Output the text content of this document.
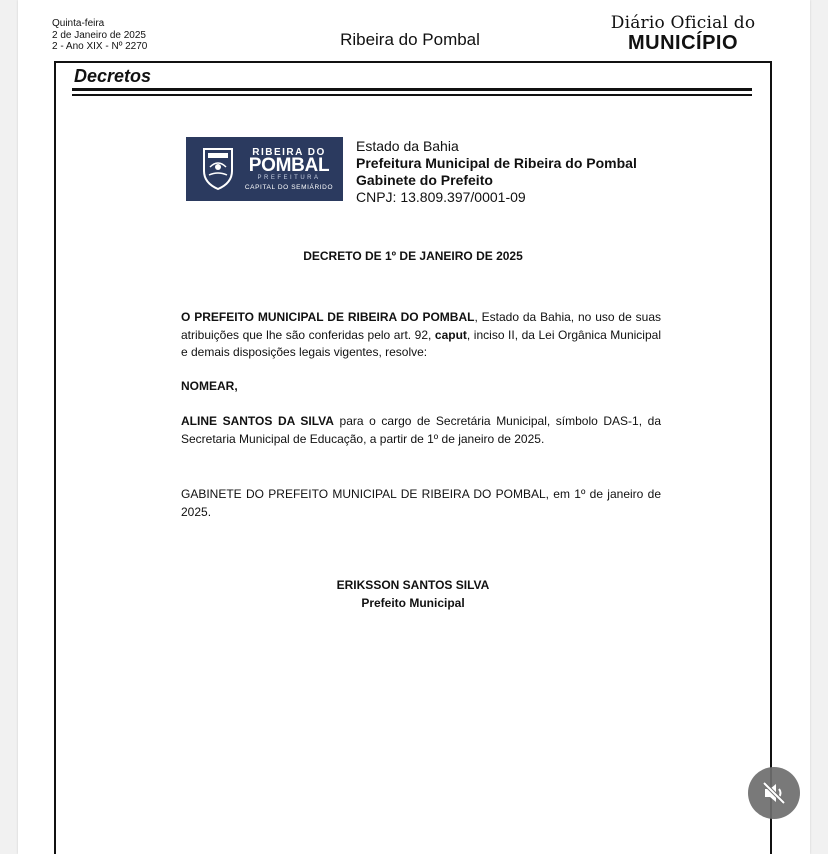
Quinta-feira
2 de Janeiro de 2025
2 - Ano XIX - Nº 2270	Ribeira do Pombal
Diário Oficial do
MUNICÍPIO
Decretos
RIBEIRA DO
POMBAL
PREFEITURA
CAPITAL DO SEMIÁRIDO
Estado da Bahia
Prefeitura Municipal de Ribeira do Pombal
Gabinete do Prefeito
CNPJ: 13.809.397/0001-09
DECRETO DE 1º DE JANEIRO DE 2025
O PREFEITO MUNICIPAL DE RIBEIRA DO POMBAL, Estado da Bahia, no uso de suas atribuições que lhe são conferidas pelo art. 92, caput, inciso II, da Lei Orgânica Municipal e demais disposições legais vigentes, resolve:
NOMEAR,
ALINE SANTOS DA SILVA para o cargo de Secretária Municipal, símbolo DAS-1, da Secretaria Municipal de Educação, a partir de 1º de janeiro de 2025.
GABINETE DO PREFEITO MUNICIPAL DE RIBEIRA DO POMBAL, em 1º de janeiro de 2025.
ERIKSSON SANTOS SILVA
Prefeito Municipal
